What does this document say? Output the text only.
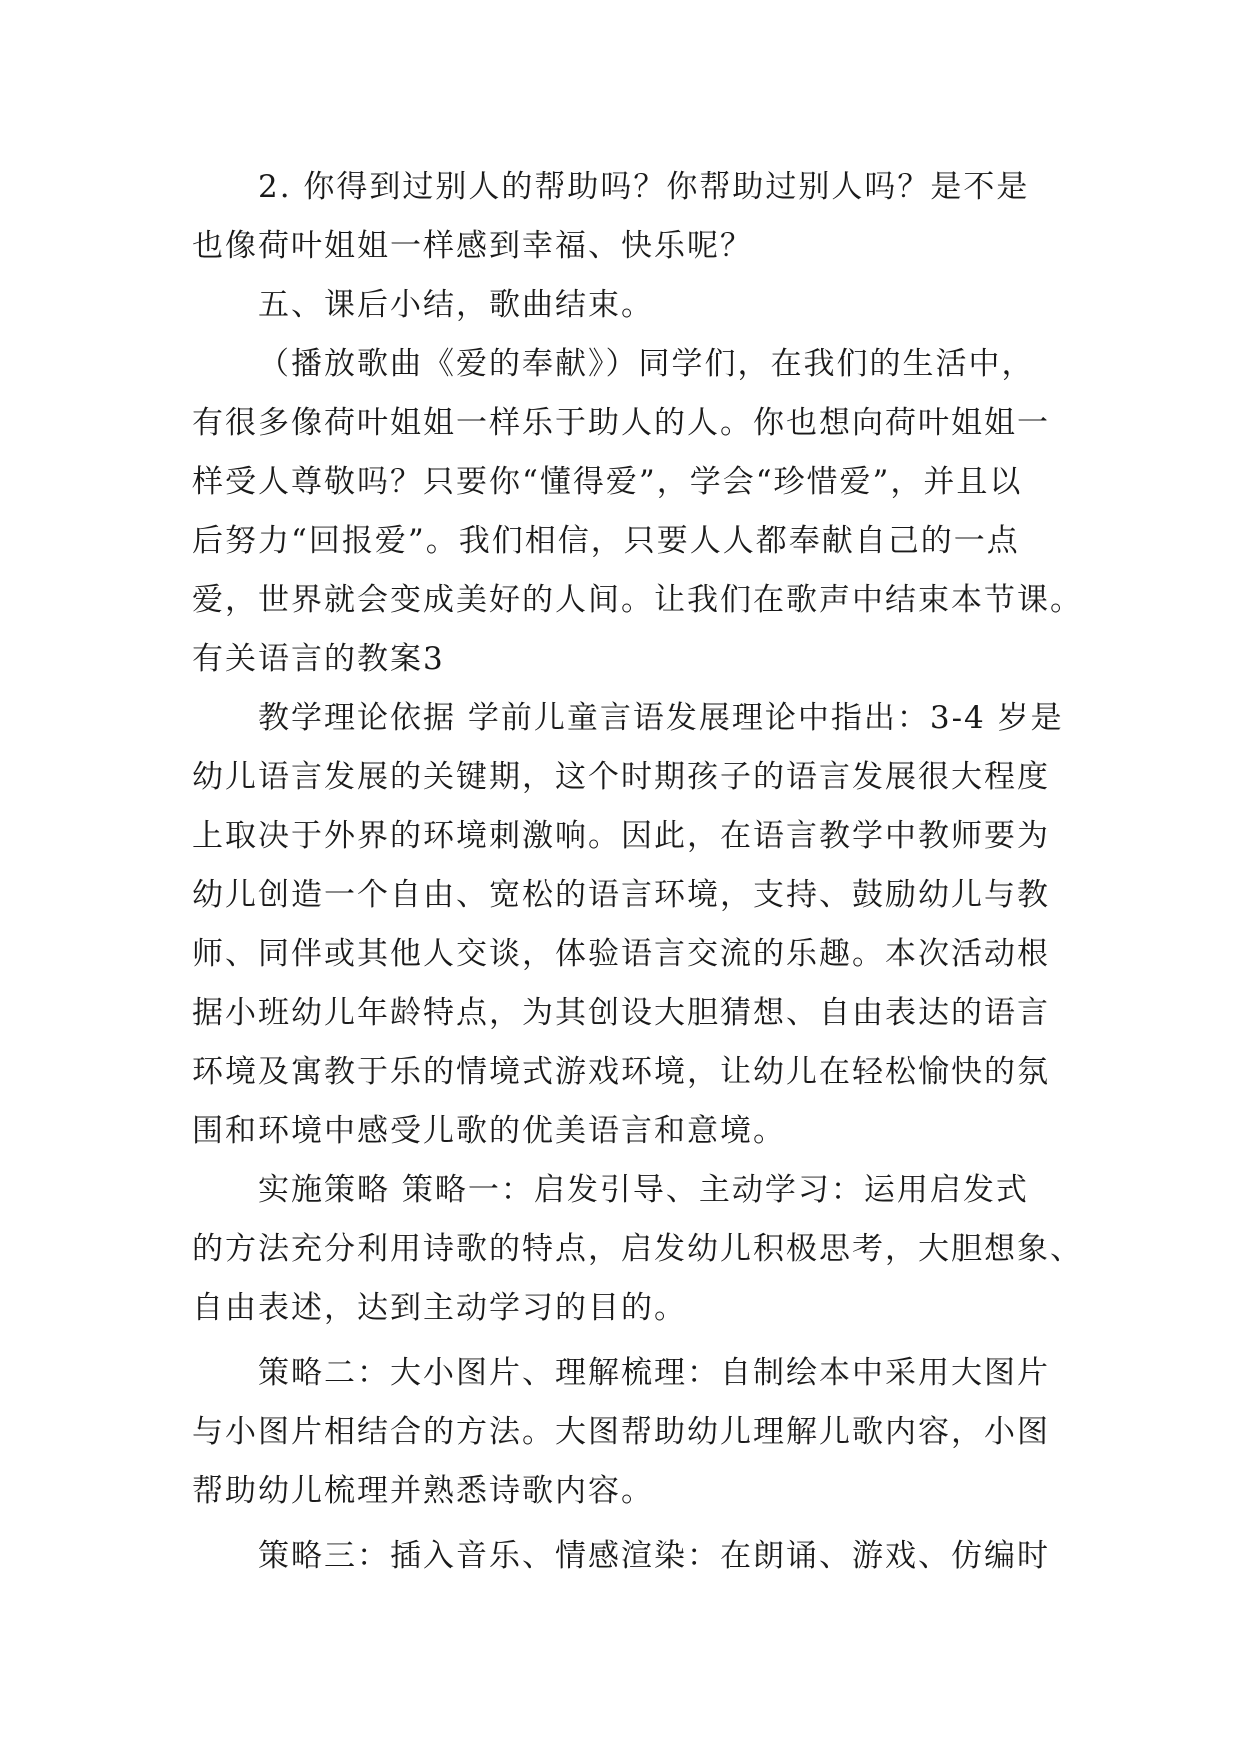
2. 你得到过别人的帮助吗？你帮助过别人吗？是不是
也像荷叶姐姐一样感到幸福、快乐呢？
五、课后小结，歌曲结束。
（播放歌曲《爱的奉献》）同学们，在我们的生活中，
有很多像荷叶姐姐一样乐于助人的人。你也想向荷叶姐姐一
样受人尊敬吗？只要你“懂得爱”，学会“珍惜爱”，并且以
后努力“回报爱”。我们相信，只要人人都奉献自己的一点
爱，世界就会变成美好的人间。让我们在歌声中结束本节课。
有关语言的教案3
教学理论依据 学前儿童言语发展理论中指出：3-4 岁是
幼儿语言发展的关键期，这个时期孩子的语言发展很大程度
上取决于外界的环境刺激响。因此，在语言教学中教师要为
幼儿创造一个自由、宽松的语言环境，支持、鼓励幼儿与教
师、同伴或其他人交谈，体验语言交流的乐趣。本次活动根
据小班幼儿年龄特点，为其创设大胆猜想、自由表达的语言
环境及寓教于乐的情境式游戏环境，让幼儿在轻松愉快的氛
围和环境中感受儿歌的优美语言和意境。
实施策略 策略一：启发引导、主动学习：运用启发式
的方法充分利用诗歌的特点，启发幼儿积极思考，大胆想象、
自由表述，达到主动学习的目的。
策略二：大小图片、理解梳理：自制绘本中采用大图片
与小图片相结合的方法。大图帮助幼儿理解儿歌内容，小图
帮助幼儿梳理并熟悉诗歌内容。
策略三：插入音乐、情感渲染：在朗诵、游戏、仿编时
